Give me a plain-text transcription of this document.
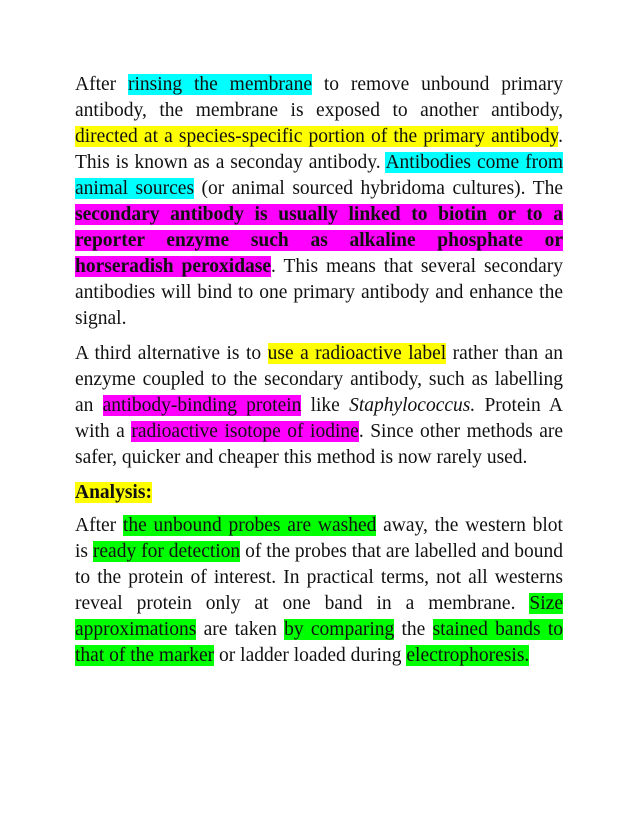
After rinsing the membrane to remove unbound primary antibody, the membrane is exposed to another antibody, directed at a species-specific portion of the primary antibody. This is known as a seconday antibody. Antibodies come from animal sources (or animal sourced hybridoma cultures). The secondary antibody is usually linked to biotin or to a reporter enzyme such as alkaline phosphate or horseradish peroxidase. This means that several secondary antibodies will bind to one primary antibody and enhance the signal.

A third alternative is to use a radioactive label rather than an enzyme coupled to the secondary antibody, such as labelling an antibody-binding protein like Staphylococcus. Protein A with a radioactive isotope of iodine. Since other methods are safer, quicker and cheaper this method is now rarely used.

Analysis:

After the unbound probes are washed away, the western blot is ready for detection of the probes that are labelled and bound to the protein of interest. In practical terms, not all westerns reveal protein only at one band in a membrane. Size approximations are taken by comparing the stained bands to that of the marker or ladder loaded during electrophoresis.
